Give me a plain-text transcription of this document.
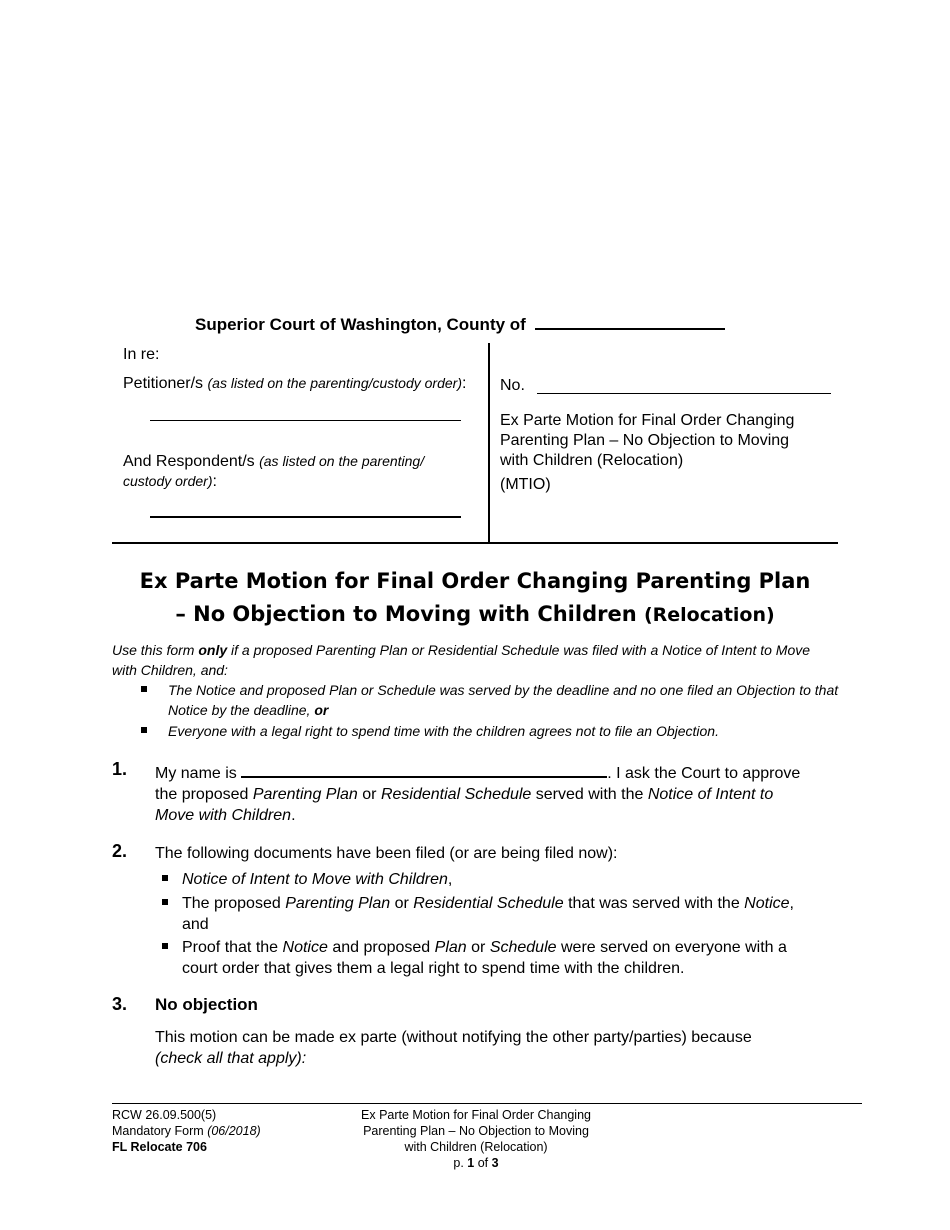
Superior Court of Washington, County of
In re:
Petitioner/s (as listed on the parenting/custody order):
And Respondent/s (as listed on the parenting/
custody order):
No.
Ex Parte Motion for Final Order Changing
Parenting Plan – No Objection to Moving
with Children (Relocation)
(MTIO)
Ex Parte Motion for Final Order Changing Parenting Plan
– No Objection to Moving with Children (Relocation)
Use this form only if a proposed Parenting Plan or Residential Schedule was filed with a Notice of Intent to Move
with Children, and:
The Notice and proposed Plan or Schedule was served by the deadline and no one filed an Objection to that
Notice by the deadline, or
Everyone with a legal right to spend time with the children agrees not to file an Objection.
1. My name is	. I ask the Court to approve
the proposed Parenting Plan or Residential Schedule served with the Notice of Intent to
Move with Children.
2. The following documents have been filed (or are being filed now):
Notice of Intent to Move with Children,
The proposed Parenting Plan or Residential Schedule that was served with the Notice,
and
Proof that the Notice and proposed Plan or Schedule were served on everyone with a
court order that gives them a legal right to spend time with the children.
3. No objection
This motion can be made ex parte (without notifying the other party/parties) because
(check all that apply):
RCW 26.09.500(5)
Mandatory Form (06/2018)
FL Relocate 706
Ex Parte Motion for Final Order Changing
Parenting Plan – No Objection to Moving
with Children (Relocation)
p. 1 of 3
